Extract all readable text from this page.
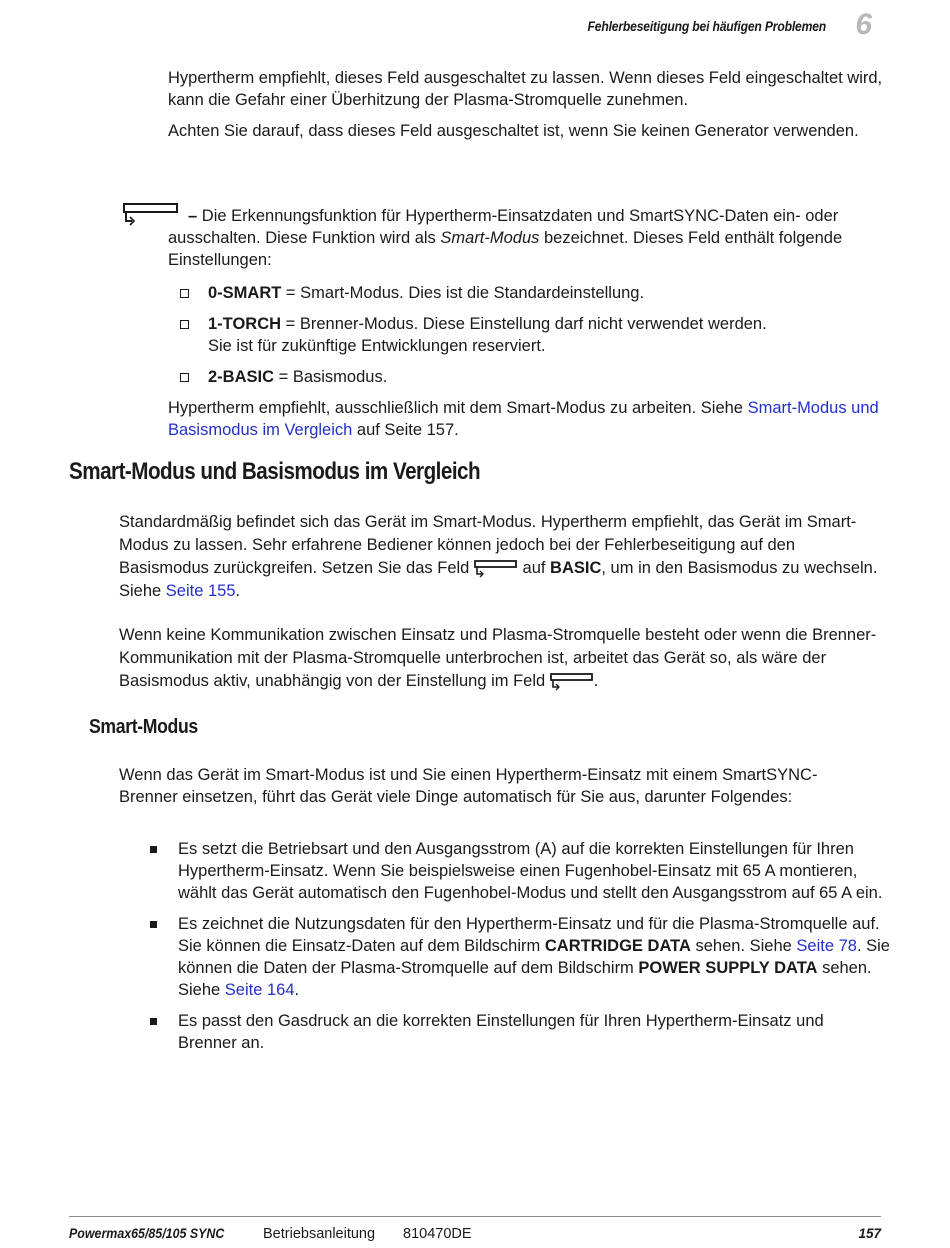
Fehlerbeseitigung bei häufigen Problemen 6

Hypertherm empfiehlt, dieses Feld ausgeschaltet zu lassen. Wenn dieses Feld eingeschaltet wird, kann die Gefahr einer Überhitzung der Plasma-Stromquelle zunehmen.

Achten Sie darauf, dass dieses Feld ausgeschaltet ist, wenn Sie keinen Generator verwenden.

– Die Erkennungsfunktion für Hypertherm-Einsatzdaten und SmartSYNC-Daten ein- oder ausschalten. Diese Funktion wird als Smart-Modus bezeichnet. Dieses Feld enthält folgende Einstellungen:

0-SMART = Smart-Modus. Dies ist die Standardeinstellung.

1-TORCH = Brenner-Modus. Diese Einstellung darf nicht verwendet werden.
Sie ist für zukünftige Entwicklungen reserviert.

2-BASIC = Basismodus.

Hypertherm empfiehlt, ausschließlich mit dem Smart-Modus zu arbeiten. Siehe Smart-Modus und Basismodus im Vergleich auf Seite 157.

Smart-Modus und Basismodus im Vergleich

Standardmäßig befindet sich das Gerät im Smart-Modus. Hypertherm empfiehlt, das Gerät im Smart-Modus zu lassen. Sehr erfahrene Bediener können jedoch bei der Fehlerbeseitigung auf den Basismodus zurückgreifen. Setzen Sie das Feld	auf BASIC, um in den Basismodus zu wechseln. Siehe Seite 155.

Wenn keine Kommunikation zwischen Einsatz und Plasma-Stromquelle besteht oder wenn die Brenner-Kommunikation mit der Plasma-Stromquelle unterbrochen ist, arbeitet das Gerät so, als wäre der Basismodus aktiv, unabhängig von der Einstellung im Feld	.

Smart-Modus

Wenn das Gerät im Smart-Modus ist und Sie einen Hypertherm-Einsatz mit einem SmartSYNC-Brenner einsetzen, führt das Gerät viele Dinge automatisch für Sie aus, darunter Folgendes:

Es setzt die Betriebsart und den Ausgangsstrom (A) auf die korrekten Einstellungen für Ihren Hypertherm-Einsatz. Wenn Sie beispielsweise einen Fugenhobel-Einsatz mit 65 A montieren, wählt das Gerät automatisch den Fugenhobel-Modus und stellt den Ausgangsstrom auf 65 A ein.

Es zeichnet die Nutzungsdaten für den Hypertherm-Einsatz und für die Plasma-Stromquelle auf. Sie können die Einsatz-Daten auf dem Bildschirm CARTRIDGE DATA sehen. Siehe Seite 78. Sie können die Daten der Plasma-Stromquelle auf dem Bildschirm POWER SUPPLY DATA sehen. Siehe Seite 164.

Es passt den Gasdruck an die korrekten Einstellungen für Ihren Hypertherm-Einsatz und Brenner an.

Powermax65/85/105 SYNC	Betriebsanleitung 810470DE	157
